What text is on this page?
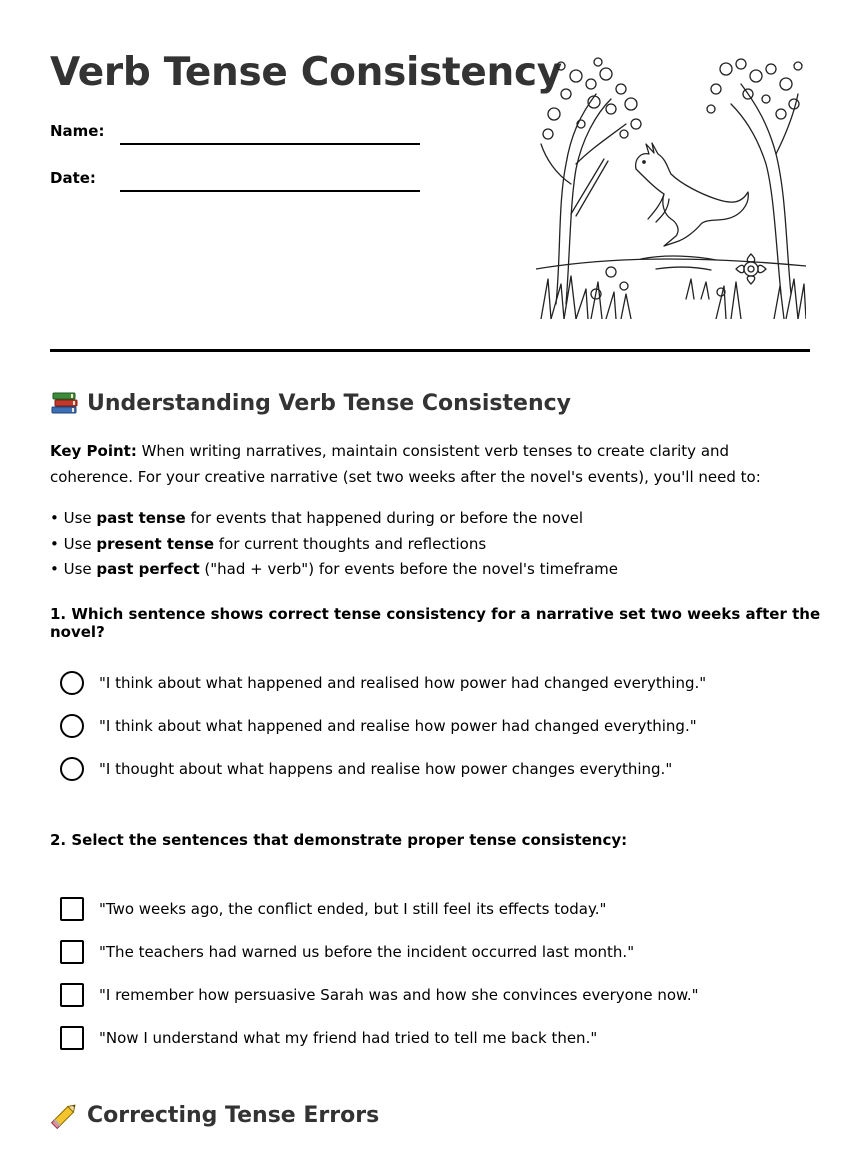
Verb Tense Consistency
Name:
Date:
Understanding Verb Tense Consistency

Key Point: When writing narratives, maintain consistent verb tenses to create clarity and coherence. For your creative narrative (set two weeks after the novel's events), you'll need to:

• Use past tense for events that happened during or before the novel
• Use present tense for current thoughts and reflections
• Use past perfect ("had + verb") for events before the novel's timeframe

1. Which sentence shows correct tense consistency for a narrative set two weeks after the novel?

"I think about what happened and realised how power had changed everything."
"I think about what happened and realise how power had changed everything."
"I thought about what happens and realise how power changes everything."

2. Select the sentences that demonstrate proper tense consistency:

"Two weeks ago, the conflict ended, but I still feel its effects today."
"The teachers had warned us before the incident occurred last month."
"I remember how persuasive Sarah was and how she convinces everyone now."
"Now I understand what my friend had tried to tell me back then."
Correcting Tense Errors
